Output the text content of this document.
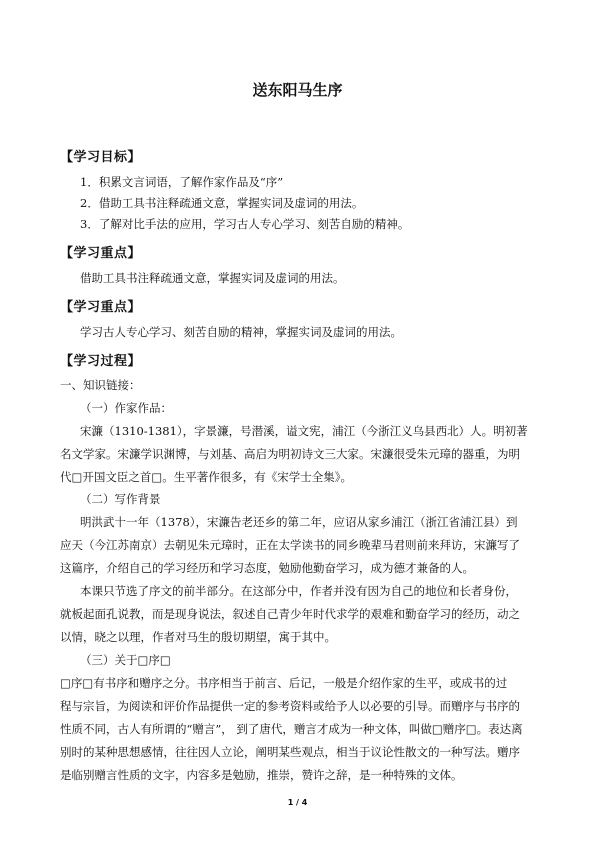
送东阳马生序
【学习目标】
1．积累文言词语，了解作家作品及“序”
2．借助工具书注释疏通文意，掌握实词及虚词的用法。
3．了解对比手法的应用，学习古人专心学习、刻苦自励的精神。
【学习重点】
借助工具书注释疏通文意，掌握实词及虚词的用法。
【学习重点】
学习古人专心学习、刻苦自励的精神，掌握实词及虚词的用法。
【学习过程】
一、知识链接：
（一）作家作品：
宋濂（1310-1381），字景濂，号潜溪，谥文宪，浦江（今浙江义乌县西北）人。明初著
名文学家。宋濂学识渊博，与刘基、高启为明初诗文三大家。宋濂很受朱元璋的器重，为明
代□开国文臣之首□。生平著作很多，有《宋学士全集》。
（二）写作背景
明洪武十一年（1378），宋濂告老还乡的第二年，应诏从家乡浦江（浙江省浦江县）到
应天（今江苏南京）去朝见朱元璋时，正在太学读书的同乡晚辈马君则前来拜访，宋濂写了
这篇序，介绍自己的学习经历和学习态度，勉励他勤奋学习，成为德才兼备的人。
本课只节选了序文的前半部分。在这部分中，作者并没有因为自己的地位和长者身份，
就板起面孔说教，而是现身说法，叙述自己青少年时代求学的艰难和勤奋学习的经历，动之
以情，晓之以理，作者对马生的殷切期望，寓于其中。
（三）关于□序□
□序□有书序和赠序之分。书序相当于前言、后记，一般是介绍作家的生平，或成书的过
程与宗旨，为阅读和评价作品提供一定的参考资料或给予人以必要的引导。而赠序与书序的
性质不同，古人有所谓的“赠言”， 到了唐代，赠言才成为一种文体，叫做□赠序□。表达离
别时的某种思想感情，往往因人立论，阐明某些观点，相当于议论性散文的一种写法。赠序
是临别赠言性质的文字，内容多是勉励，推崇，赞许之辞，是一种特殊的文体。
1 / 4
